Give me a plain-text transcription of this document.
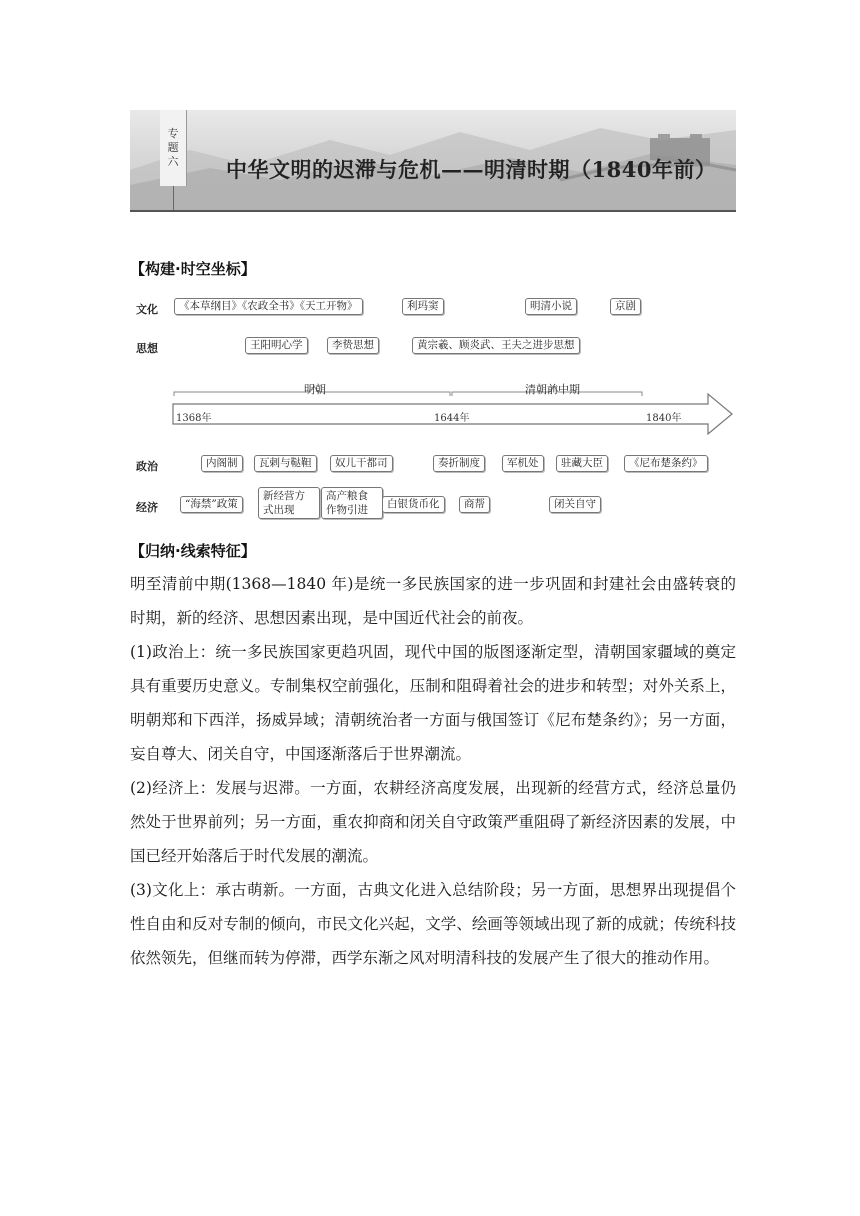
专
题
六 中华文明的迟滞与危机——明清时期（1840年前）
【构建·时空坐标】
文化
思想
政治
经济
《本草纲目》《农政全书》《天工开物》	利玛窦	明清小说	京剧
王阳明心学	李贽思想	黄宗羲、顾炎武、王夫之进步思想
明朝	清朝前中期
1368年	1644年	1840年
内阁制	瓦剌与鞑靼	奴儿干都司	奏折制度	军机处	驻藏大臣	《尼布楚条约》
“海禁”政策
新经营方式出现
高产粮食作物引进	白银货币化	商帮	闭关自守
【归纳·线索特征】

明至清前中期(1368—1840 年)是统一多民族国家的进一步巩固和封建社会由盛转衰的时期，新的经济、思想因素出现，是中国近代社会的前夜。

(1)政治上：统一多民族国家更趋巩固，现代中国的版图逐渐定型，清朝国家疆域的奠定具有重要历史意义。专制集权空前强化，压制和阻碍着社会的进步和转型；对外关系上，明朝郑和下西洋，扬威异域；清朝统治者一方面与俄国签订《尼布楚条约》；另一方面，妄自尊大、闭关自守，中国逐渐落后于世界潮流。

(2)经济上：发展与迟滞。一方面，农耕经济高度发展，出现新的经营方式，经济总量仍然处于世界前列；另一方面，重农抑商和闭关自守政策严重阻碍了新经济因素的发展，中国已经开始落后于时代发展的潮流。

(3)文化上：承古萌新。一方面，古典文化进入总结阶段；另一方面，思想界出现提倡个性自由和反对专制的倾向，市民文化兴起，文学、绘画等领域出现了新的成就；传统科技依然领先，但继而转为停滞，西学东渐之风对明清科技的发展产生了很大的推动作用。
